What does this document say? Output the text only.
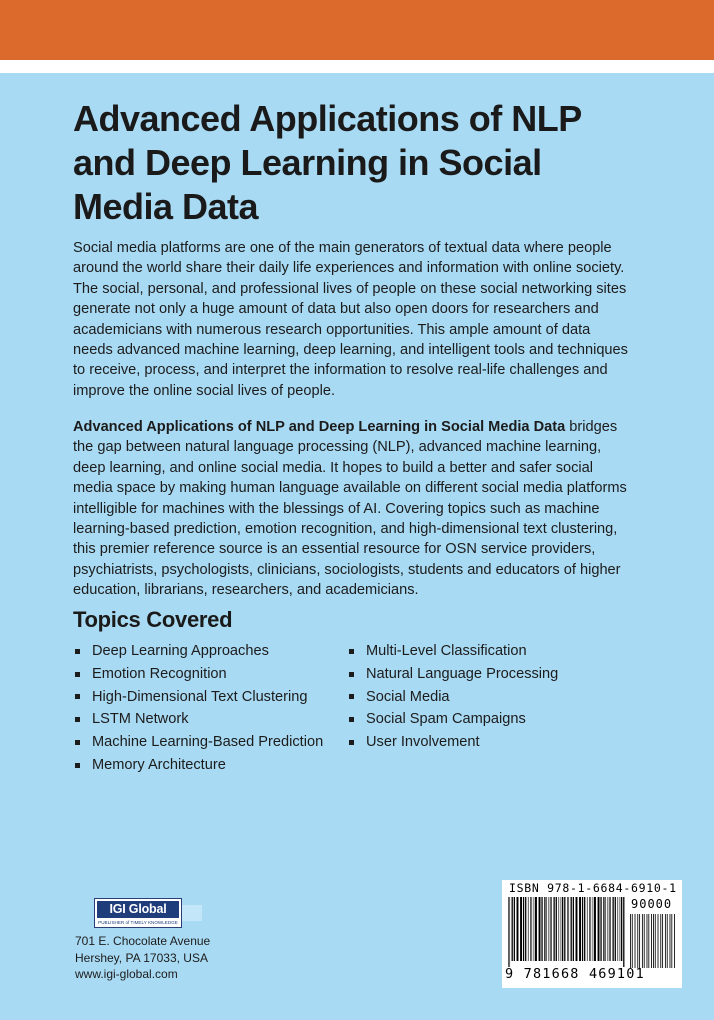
Advanced Applications of NLP and Deep Learning in Social Media Data

Social media platforms are one of the main generators of textual data where people around the world share their daily life experiences and information with online society. The social, personal, and professional lives of people on these social networking sites generate not only a huge amount of data but also open doors for researchers and academicians with numerous research opportunities. This ample amount of data needs advanced machine learning, deep learning, and intelligent tools and techniques to receive, process, and interpret the information to resolve real-life challenges and improve the online social lives of people.

Advanced Applications of NLP and Deep Learning in Social Media Data bridges the gap between natural language processing (NLP), advanced machine learning, deep learning, and online social media. It hopes to build a better and safer social media space by making human language available on different social media platforms intelligible for machines with the blessings of AI. Covering topics such as machine learning-based prediction, emotion recognition, and high-dimensional text clustering, this premier reference source is an essential resource for OSN service providers, psychiatrists, psychologists, clinicians, sociologists, students and educators of higher education, librarians, researchers, and academicians.

Topics Covered
Deep Learning Approaches
Emotion Recognition
High-Dimensional Text Clustering
LSTM Network
Machine Learning-Based Prediction
Memory Architecture
Multi-Level Classification
Natural Language Processing
Social Media
Social Spam Campaigns
User Involvement
IGI Global
PUBLISHER of TIMELY KNOWLEDGE

701 E. Chocolate Avenue
Hershey, PA 17033, USA
www.igi-global.com

ISBN 978-1-6684-6910-1

90000

9 781668 469101
